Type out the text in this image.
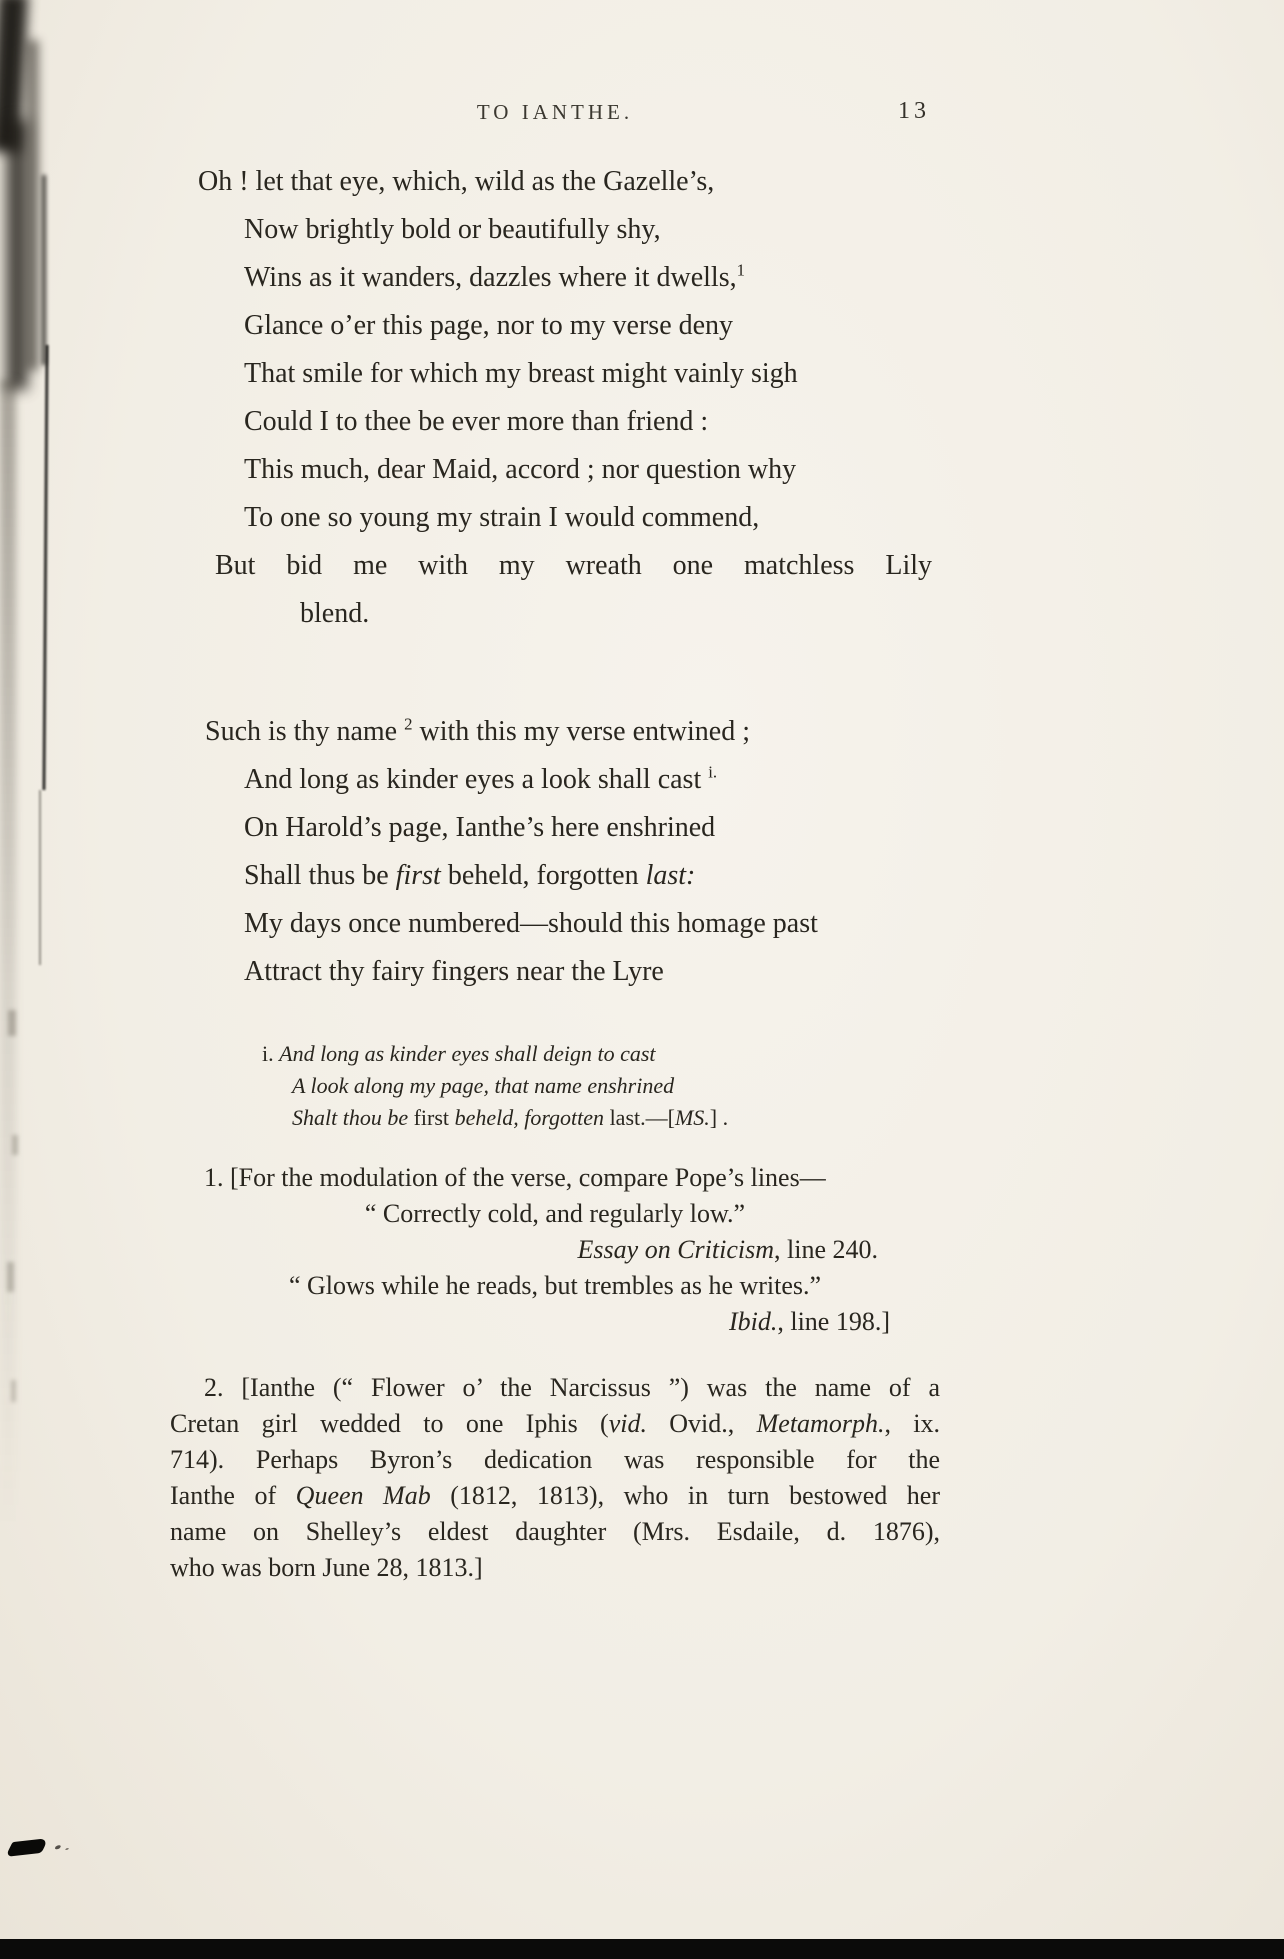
TO IANTHE.	13
Oh ! let that eye, which, wild as the Gazelle’s,
Now brightly bold or beautifully shy,
Wins as it wanders, dazzles where it dwells,$^1$
Glance o’er this page, nor to my verse deny
That smile for which my breast might vainly sigh
Could I to thee be ever more than friend :
This much, dear Maid, accord ; nor question why
To one so young my strain I would commend,
But bid me with my wreath one matchless Lily
blend.
Such is thy name $^2$ with this my verse entwined ;
And long as kinder eyes a look shall cast $^{i.}$
On Harold’s page, Ianthe’s here enshrined
Shall thus be first beheld, forgotten last:
My days once numbered—should this homage past
Attract thy fairy fingers near the Lyre
i. And long as kinder eyes shall deign to cast
A look along my page, that name enshrined
Shalt thou be first beheld, forgotten last.—[MS.] .
1. [For the modulation of the verse, compare Pope’s lines—
“ Correctly cold, and regularly low.”
Essay on Criticism, line 240.
“ Glows while he reads, but trembles as he writes.”
Ibid., line 198.]
2. [Ianthe (“ Flower o’ the Narcissus ”) was the name of a
Cretan girl wedded to one Iphis (vid. Ovid., Metamorph., ix.
714). Perhaps Byron’s dedication was responsible for the
Ianthe of Queen Mab (1812, 1813), who in turn bestowed her
name on Shelley’s eldest daughter (Mrs. Esdaile, d. 1876),
who was born June 28, 1813.]
